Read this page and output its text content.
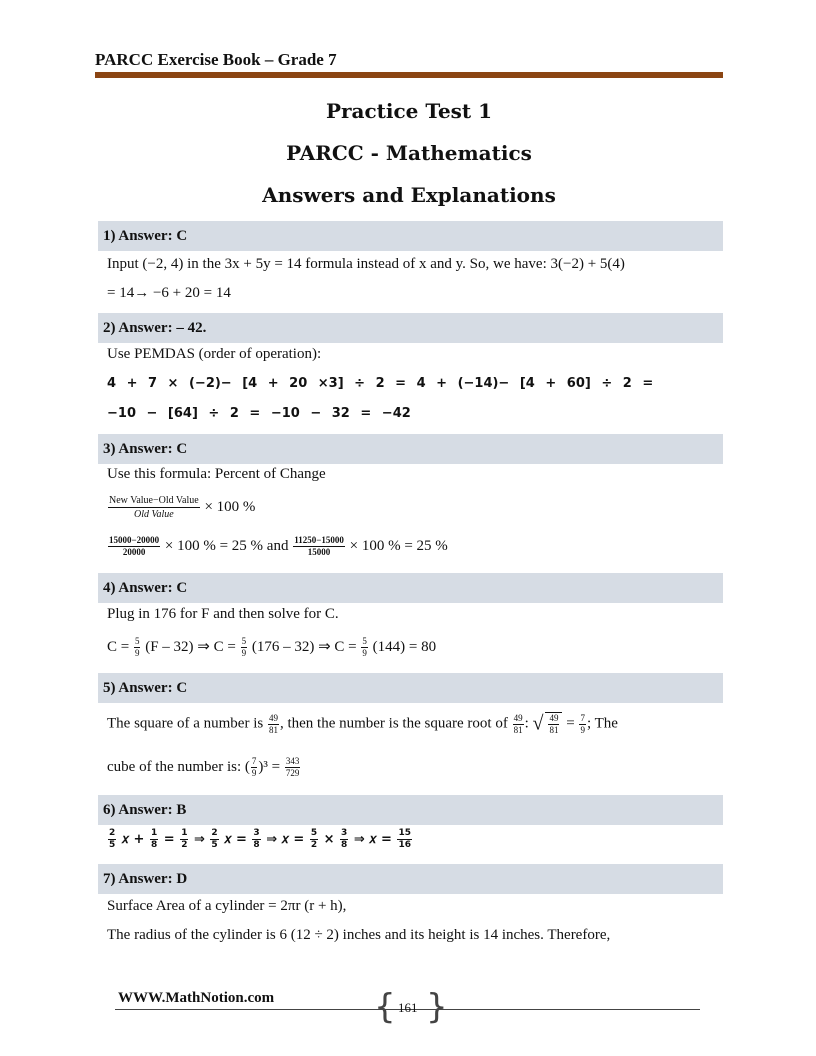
PARCC Exercise Book – Grade 7
Practice Test 1
PARCC - Mathematics
Answers and Explanations
1) Answer: C
Input (−2, 4) in the 3x + 5y = 14 formula instead of x and y. So, we have: 3(−2) + 5(4)
= 14→ −6 + 20 = 14
2) Answer: – 42.
Use PEMDAS (order of operation):
4 + 7 × (−2)− [4 + 20 ×3] ÷ 2 = 4 + (−14)− [4 + 60] ÷ 2 =
−10 − [64] ÷ 2 = −10 − 32 = −42
3) Answer: C
Use this formula: Percent of Change
$\frac{\text{New Value−Old Value}}{\text{Old Value}} \times 100$ %
$\frac{15000-20000}{20000} \times 100$ % = 25 % and $\frac{11250-15000}{15000} \times 100$ % = 25 %
4) Answer: C
Plug in 176 for F and then solve for C.
$C = \frac{5}{9} (F - 32)$ ⇒ $C = \frac{5}{9} (176 - 32)$ ⇒ $C = \frac{5}{9} (144) = 80$
5) Answer: C
The square of a number is $\frac{49}{81}$ , then the number is the square root of $\frac{49}{81}$ : √ $\frac{49}{81} = \frac{7}{9}$ ; The
cube of the number is: ( $\frac{7}{9} )^3 = \frac{343}{729}$
6) Answer: B
$\frac{2}{5}$ 𝑥 + $\frac{1}{8} = \frac{1}{2}$ ⇒ $\frac{2}{5}$ 𝑥 = $\frac{3}{8}$ ⇒ 𝑥 = $\frac{5}{2} \times \frac{3}{8}$ ⇒ 𝑥 = $\frac{15}{16}$
7) Answer: D
Surface Area of a cylinder = 2πr (r + h),
The radius of the cylinder is 6 (12 ÷ 2) inches and its height is 14 inches. Therefore,
WWW.MathNotion.com	{ }
161
